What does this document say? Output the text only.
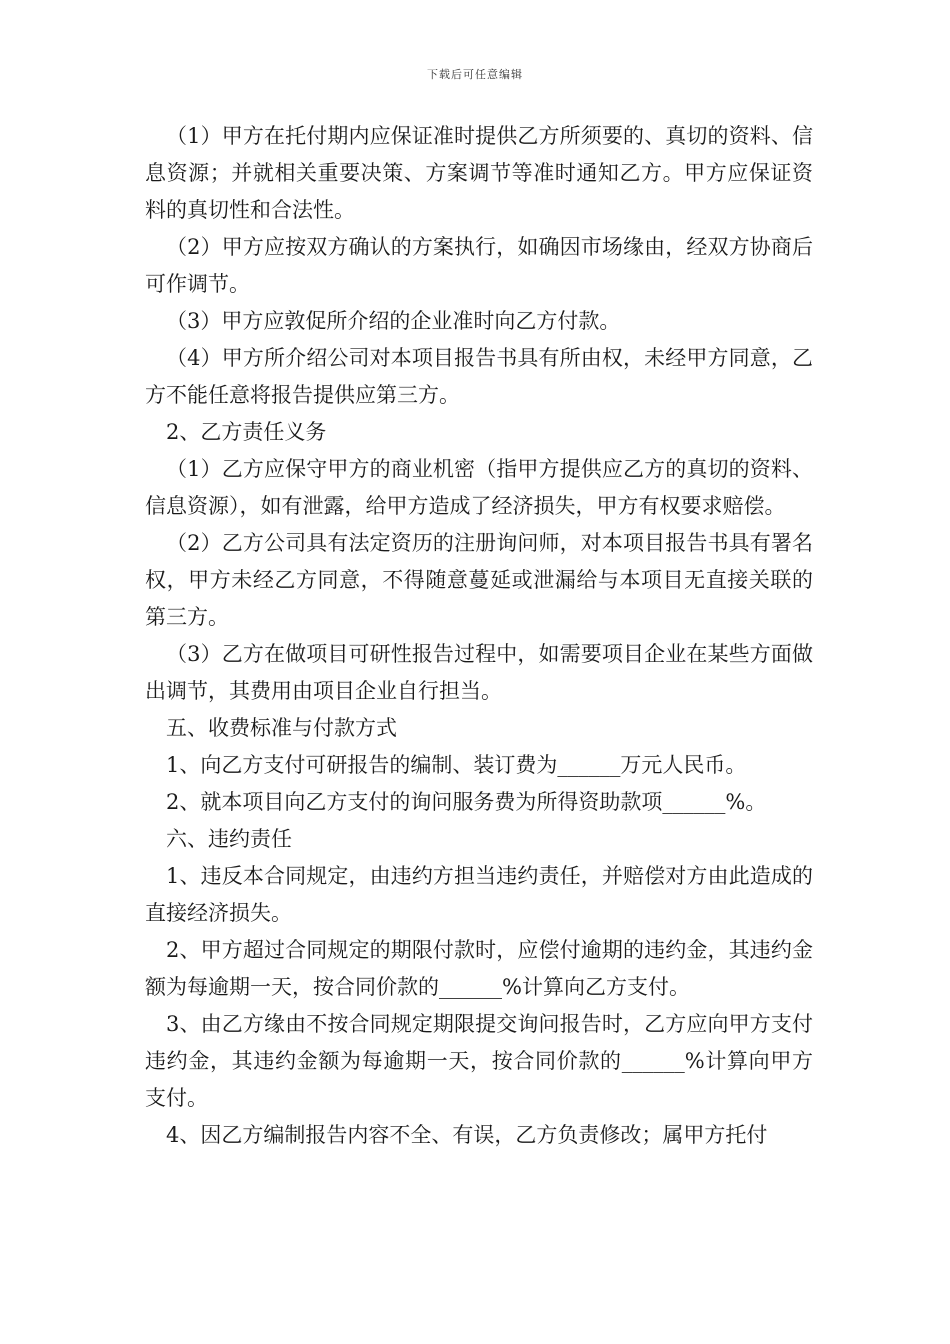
下载后可任意编辑

（1）甲方在托付期内应保证准时提供乙方所须要的、真切的资料、信息资源；并就相关重要决策、方案调节等准时通知乙方。甲方应保证资料的真切性和合法性。

（2）甲方应按双方确认的方案执行，如确因市场缘由，经双方协商后可作调节。

（3）甲方应敦促所介绍的企业准时向乙方付款。

（4）甲方所介绍公司对本项目报告书具有所由权，未经甲方同意，乙方不能任意将报告提供应第三方。

2、乙方责任义务

（1）乙方应保守甲方的商业机密（指甲方提供应乙方的真切的资料、信息资源），如有泄露，给甲方造成了经济损失，甲方有权要求赔偿。

（2）乙方公司具有法定资历的注册询问师，对本项目报告书具有署名权，甲方未经乙方同意，不得随意蔓延或泄漏给与本项目无直接关联的第三方。

（3）乙方在做项目可研性报告过程中，如需要项目企业在某些方面做出调节，其费用由项目企业自行担当。

五、收费标准与付款方式

1、向乙方支付可研报告的编制、装订费为______万元人民币。

2、就本项目向乙方支付的询问服务费为所得资助款项______%。

六、违约责任

1、违反本合同规定，由违约方担当违约责任，并赔偿对方由此造成的直接经济损失。

2、甲方超过合同规定的期限付款时，应偿付逾期的违约金，其违约金额为每逾期一天，按合同价款的______%计算向乙方支付。

3、由乙方缘由不按合同规定期限提交询问报告时，乙方应向甲方支付违约金，其违约金额为每逾期一天，按合同价款的______%计算向甲方支付。

4、因乙方编制报告内容不全、有误，乙方负责修改；属甲方托付
